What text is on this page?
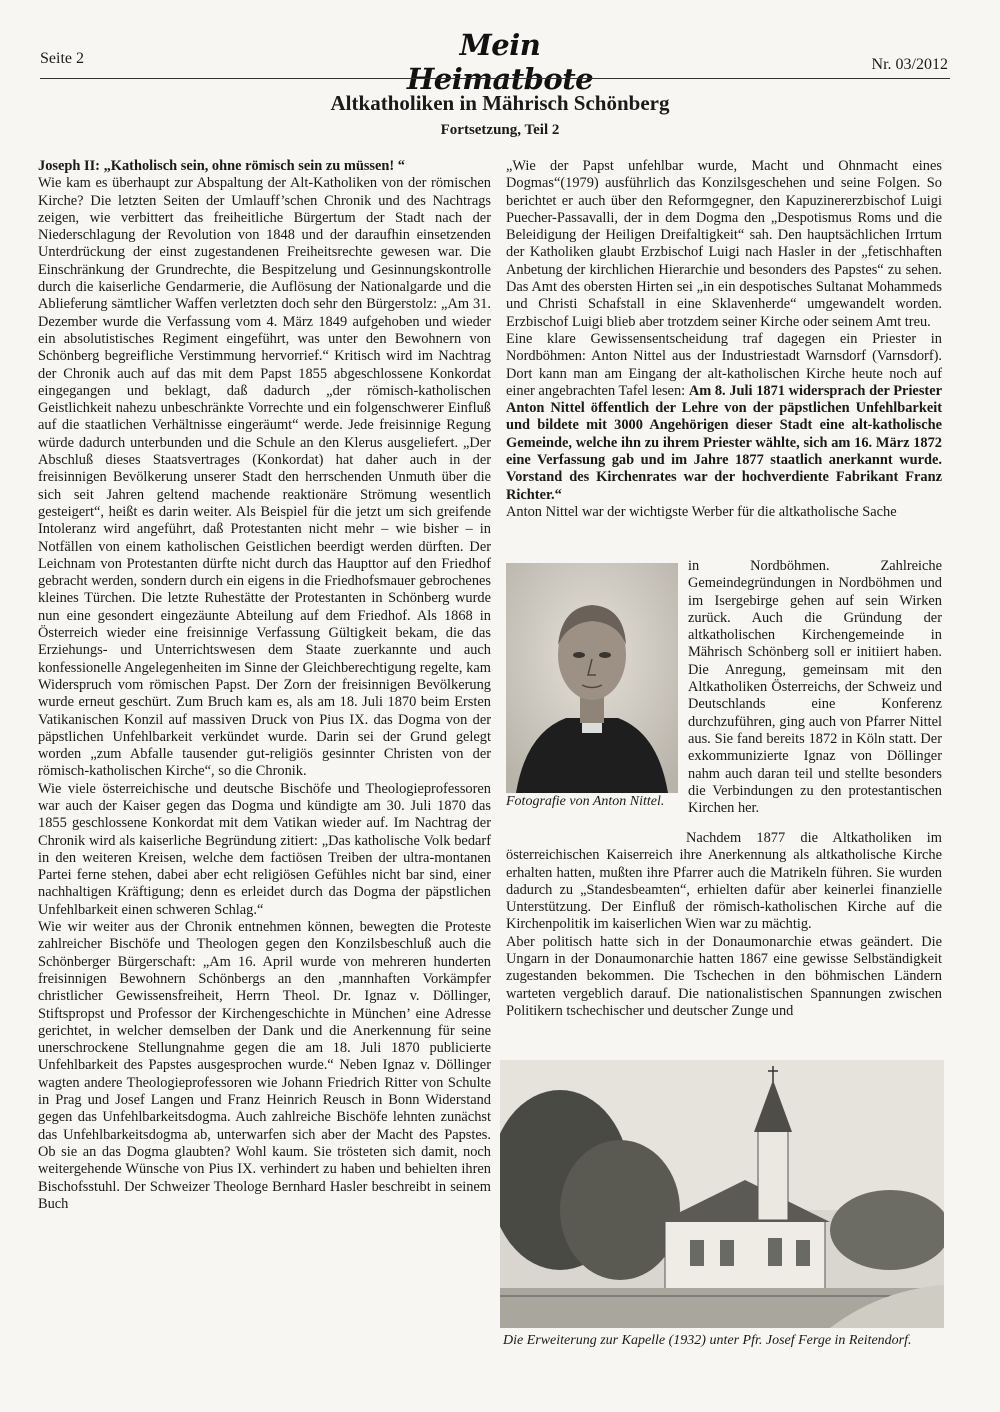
Seite 2	Mein Heimatbote	Nr. 03/2012
Altkatholiken in Mährisch Schönberg
Fortsetzung, Teil 2

Joseph II: „Katholisch sein, ohne römisch sein zu müssen! “

Wie kam es überhaupt zur Abspaltung der Alt-Katholiken von der römischen Kirche? Die letzten Seiten der Umlauff’schen Chronik und des Nachtrags zeigen, wie verbittert das freiheitliche Bürgertum der Stadt nach der Niederschlagung der Revolution von 1848 und der daraufhin einsetzenden Unterdrückung der einst zugestandenen Freiheitsrechte gewesen war. Die Einschränkung der Grundrechte, die Bespitzelung und Gesinnungskontrolle durch die kaiserliche Gendarmerie, die Auflösung der Nationalgarde und die Ablieferung sämtlicher Waffen verletzten doch sehr den Bürgerstolz: „Am 31. Dezember wurde die Verfassung vom 4. März 1849 aufgehoben und wieder ein absolutistisches Regiment eingeführt, was unter den Bewohnern von Schönberg begreifliche Verstimmung hervorrief.“ Kritisch wird im Nachtrag der Chronik auch auf das mit dem Papst 1855 abgeschlossene Konkordat eingegangen und beklagt, daß dadurch „der römisch-katholischen Geistlichkeit nahezu unbeschränkte Vorrechte und ein folgenschwerer Einfluß auf die staatlichen Verhältnisse eingeräumt“ werde. Jede freisinnige Regung würde dadurch unterbunden und die Schule an den Klerus ausgeliefert. „Der Abschluß dieses Staatsvertrages (Konkordat) hat daher auch in der freisinnigen Bevölkerung unserer Stadt den herrschenden Unmuth über die sich seit Jahren geltend machende reaktionäre Strömung wesentlich gesteigert“, heißt es darin weiter. Als Beispiel für die jetzt um sich greifende Intoleranz wird angeführt, daß Protestanten nicht mehr – wie bisher – in Notfällen von einem katholischen Geistlichen beerdigt werden dürften. Der Leichnam von Protestanten dürfte nicht durch das Haupttor auf den Friedhof gebracht werden, sondern durch ein eigens in die Friedhofsmauer gebrochenes kleines Türchen. Die letzte Ruhestätte der Protestanten in Schönberg wurde nun eine gesondert eingezäunte Abteilung auf dem Friedhof. Als 1868 in Österreich wieder eine freisinnige Verfassung Gültigkeit bekam, die das Erziehungs- und Unterrichtswesen dem Staate zuerkannte und auch konfessionelle Angelegenheiten im Sinne der Gleichberechtigung regelte, kam Widerspruch vom römischen Papst. Der Zorn der freisinnigen Bevölkerung wurde erneut geschürt. Zum Bruch kam es, als am 18. Juli 1870 beim Ersten Vatikanischen Konzil auf massiven Druck von Pius IX. das Dogma von der päpstlichen Unfehlbarkeit verkündet wurde. Darin sei der Grund gelegt worden „zum Abfalle tausender gut-religiös gesinnter Christen von der römisch-katholischen Kirche“, so die Chronik.

Wie viele österreichische und deutsche Bischöfe und Theologieprofessoren war auch der Kaiser gegen das Dogma und kündigte am 30. Juli 1870 das 1855 geschlossene Konkordat mit dem Vatikan wieder auf. Im Nachtrag der Chronik wird als kaiserliche Begründung zitiert: „Das katholische Volk bedarf in den weiteren Kreisen, welche dem factiösen Treiben der ultra-montanen Partei ferne stehen, dabei aber echt religiösen Gefühles nicht bar sind, einer nachhaltigen Kräftigung; denn es erleidet durch das Dogma der päpstlichen Unfehlbarkeit einen schweren Schlag.“

Wie wir weiter aus der Chronik entnehmen können, bewegten die Proteste zahlreicher Bischöfe und Theologen gegen den Konzilsbeschluß auch die Schönberger Bürgerschaft: „Am 16. April wurde von mehreren hunderten freisinnigen Bewohnern Schönbergs an den ‚mannhaften Vorkämpfer christlicher Gewissensfreiheit, Herrn Theol. Dr. Ignaz v. Döllinger, Stiftspropst und Professor der Kirchengeschichte in München’ eine Adresse gerichtet, in welcher demselben der Dank und die Anerkennung für seine unerschrockene Stellungnahme gegen die am 18. Juli 1870 publicierte Unfehlbarkeit des Papstes ausgesprochen wurde.“ Neben Ignaz v. Döllinger wagten andere Theologieprofessoren wie Johann Friedrich Ritter von Schulte in Prag und Josef Langen und Franz Heinrich Reusch in Bonn Widerstand gegen das Unfehlbarkeitsdogma. Auch zahlreiche Bischöfe lehnten zunächst das Unfehlbarkeitsdogma ab, unterwarfen sich aber der Macht des Papstes. Ob sie an das Dogma glaubten? Wohl kaum. Sie trösteten sich damit, noch weitergehende Wünsche von Pius IX. verhindert zu haben und behielten ihren Bischofsstuhl. Der Schweizer Theologe Bernhard Hasler beschreibt in seinem Buch

„Wie der Papst unfehlbar wurde, Macht und Ohnmacht eines Dogmas“(1979) ausführlich das Konzilsgeschehen und seine Folgen. So berichtet er auch über den Reformgegner, den Kapuzinererzbischof Luigi Puecher-Passavalli, der in dem Dogma den „Despotismus Roms und die Beleidigung der Heiligen Dreifaltigkeit“ sah. Den hauptsächlichen Irrtum der Katholiken glaubt Erzbischof Luigi nach Hasler in der „fetischhaften Anbetung der kirchlichen Hierarchie und besonders des Papstes“ zu sehen. Das Amt des obersten Hirten sei „in ein despotisches Sultanat Mohammeds und Christi Schafstall in eine Sklavenherde“ umgewandelt worden. Erzbischof Luigi blieb aber trotzdem seiner Kirche oder seinem Amt treu.

Eine klare Gewissensentscheidung traf dagegen ein Priester in Nordböhmen: Anton Nittel aus der Industriestadt Warnsdorf (Varnsdorf). Dort kann man am Eingang der alt-katholischen Kirche heute noch auf einer angebrachten Tafel lesen: Am 8. Juli 1871 widersprach der Priester Anton Nittel öffentlich der Lehre von der päpstlichen Unfehlbarkeit und bildete mit 3000 Angehörigen dieser Stadt eine alt-katholische Gemeinde, welche ihn zu ihrem Priester wählte, sich am 16. März 1872 eine Verfassung gab und im Jahre 1877 staatlich anerkannt wurde. Vorstand des Kirchenrates war der hochverdiente Fabrikant Franz Richter.“

Anton Nittel war der wichtigste Werber für die altkatholische Sache

Fotografie von Anton Nittel.
in Nordböhmen. Zahlreiche Gemeindegründungen in Nordböhmen und im Isergebirge gehen auf sein Wirken zurück. Auch die Gründung der altkatholischen Kirchengemeinde in Mährisch Schönberg soll er initiiert haben. Die Anregung, gemeinsam mit den Altkatholiken Österreichs, der Schweiz und Deutschlands eine Konferenz durchzuführen, ging auch von Pfarrer Nittel aus. Sie fand bereits 1872 in Köln statt. Der exkommunizierte Ignaz von Döllinger nahm auch daran teil und stellte besonders die Verbindungen zu den protestantischen Kirchen her.

Nachdem 1877 die Altkatholiken im österreichischen Kaiserreich ihre Anerkennung als altkatholische Kirche erhalten hatten, mußten ihre Pfarrer auch die Matrikeln führen. Sie wurden dadurch zu „Standesbeamten“, erhielten dafür aber keinerlei finanzielle Unterstützung. Der Einfluß der römisch-katholischen Kirche auf die Kirchenpolitik im kaiserlichen Wien war zu mächtig.

Aber politisch hatte sich in der Donaumonarchie etwas geändert. Die Ungarn in der Donaumonarchie hatten 1867 eine gewisse Selbständigkeit zugestanden bekommen. Die Tschechen in den böhmischen Ländern warteten vergeblich darauf. Die nationalistischen Spannungen zwischen Politikern tschechischer und deutscher Zunge und

Die Erweiterung zur Kapelle (1932) unter Pfr. Josef Ferge in Reitendorf.
